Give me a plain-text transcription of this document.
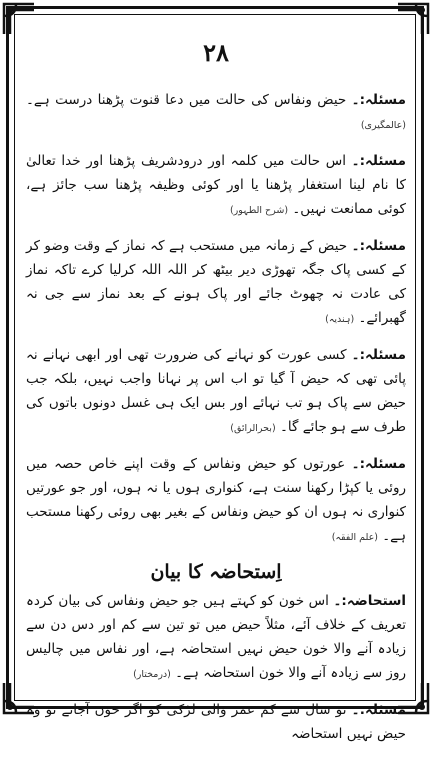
۲۸

مسئلہ:۔ حیض ونفاس کی حالت میں دعا قنوت پڑھنا درست ہے۔ (عالمگیری)

مسئلہ:۔ اس حالت میں کلمہ اور درودشریف پڑھنا اور خدا تعالیٰ کا نام لینا استغفار پڑھنا یا اور کوئی وظیفہ پڑھنا سب جائز ہے، کوئی ممانعت نہیں۔ (شرح الطہور)

مسئلہ:۔ حیض کے زمانہ میں مستحب ہے کہ نماز کے وقت وضو کر کے کسی پاک جگہ تھوڑی دیر بیٹھ کر اللہ اللہ کرلیا کرے تاکہ نماز کی عادت نہ چھوٹ جائے اور پاک ہونے کے بعد نماز سے جی نہ گھبرائے۔ (ہندیہ)

مسئلہ:۔ کسی عورت کو نہانے کی ضرورت تھی اور ابھی نہانے نہ پائی تھی کہ حیض آ گیا تو اب اس پر نہانا واجب نہیں، بلکہ جب حیض سے پاک ہو تب نہائے اور بس ایک ہی غسل دونوں باتوں کی طرف سے ہو جائے گا۔ (بحرالرائق)

مسئلہ:۔ عورتوں کو حیض ونفاس کے وقت اپنے خاص حصہ میں روئی یا کپڑا رکھنا سنت ہے، کنواری ہوں یا نہ ہوں، اور جو عورتیں کنواری نہ ہوں ان کو حیض ونفاس کے بغیر بھی روئی رکھنا مستحب ہے۔ (علم الفقہ)

اِستحاضہ کا بیان

استحاضہ:۔ اس خون کو کہتے ہیں جو حیض ونفاس کی بیان کردہ تعریف کے خلاف آئے، مثلاً حیض میں تو تین سے کم اور دس دن سے زیادہ آنے والا خون حیض نہیں استحاضہ ہے، اور نفاس میں چالیس روز سے زیادہ آنے والا خون استحاضہ ہے۔ (درمختار)

مسئلہ:۔ نو سال سے کم عمر والی لڑکی کو اگر خون آجائے تو وہ حیض نہیں استحاضہ
